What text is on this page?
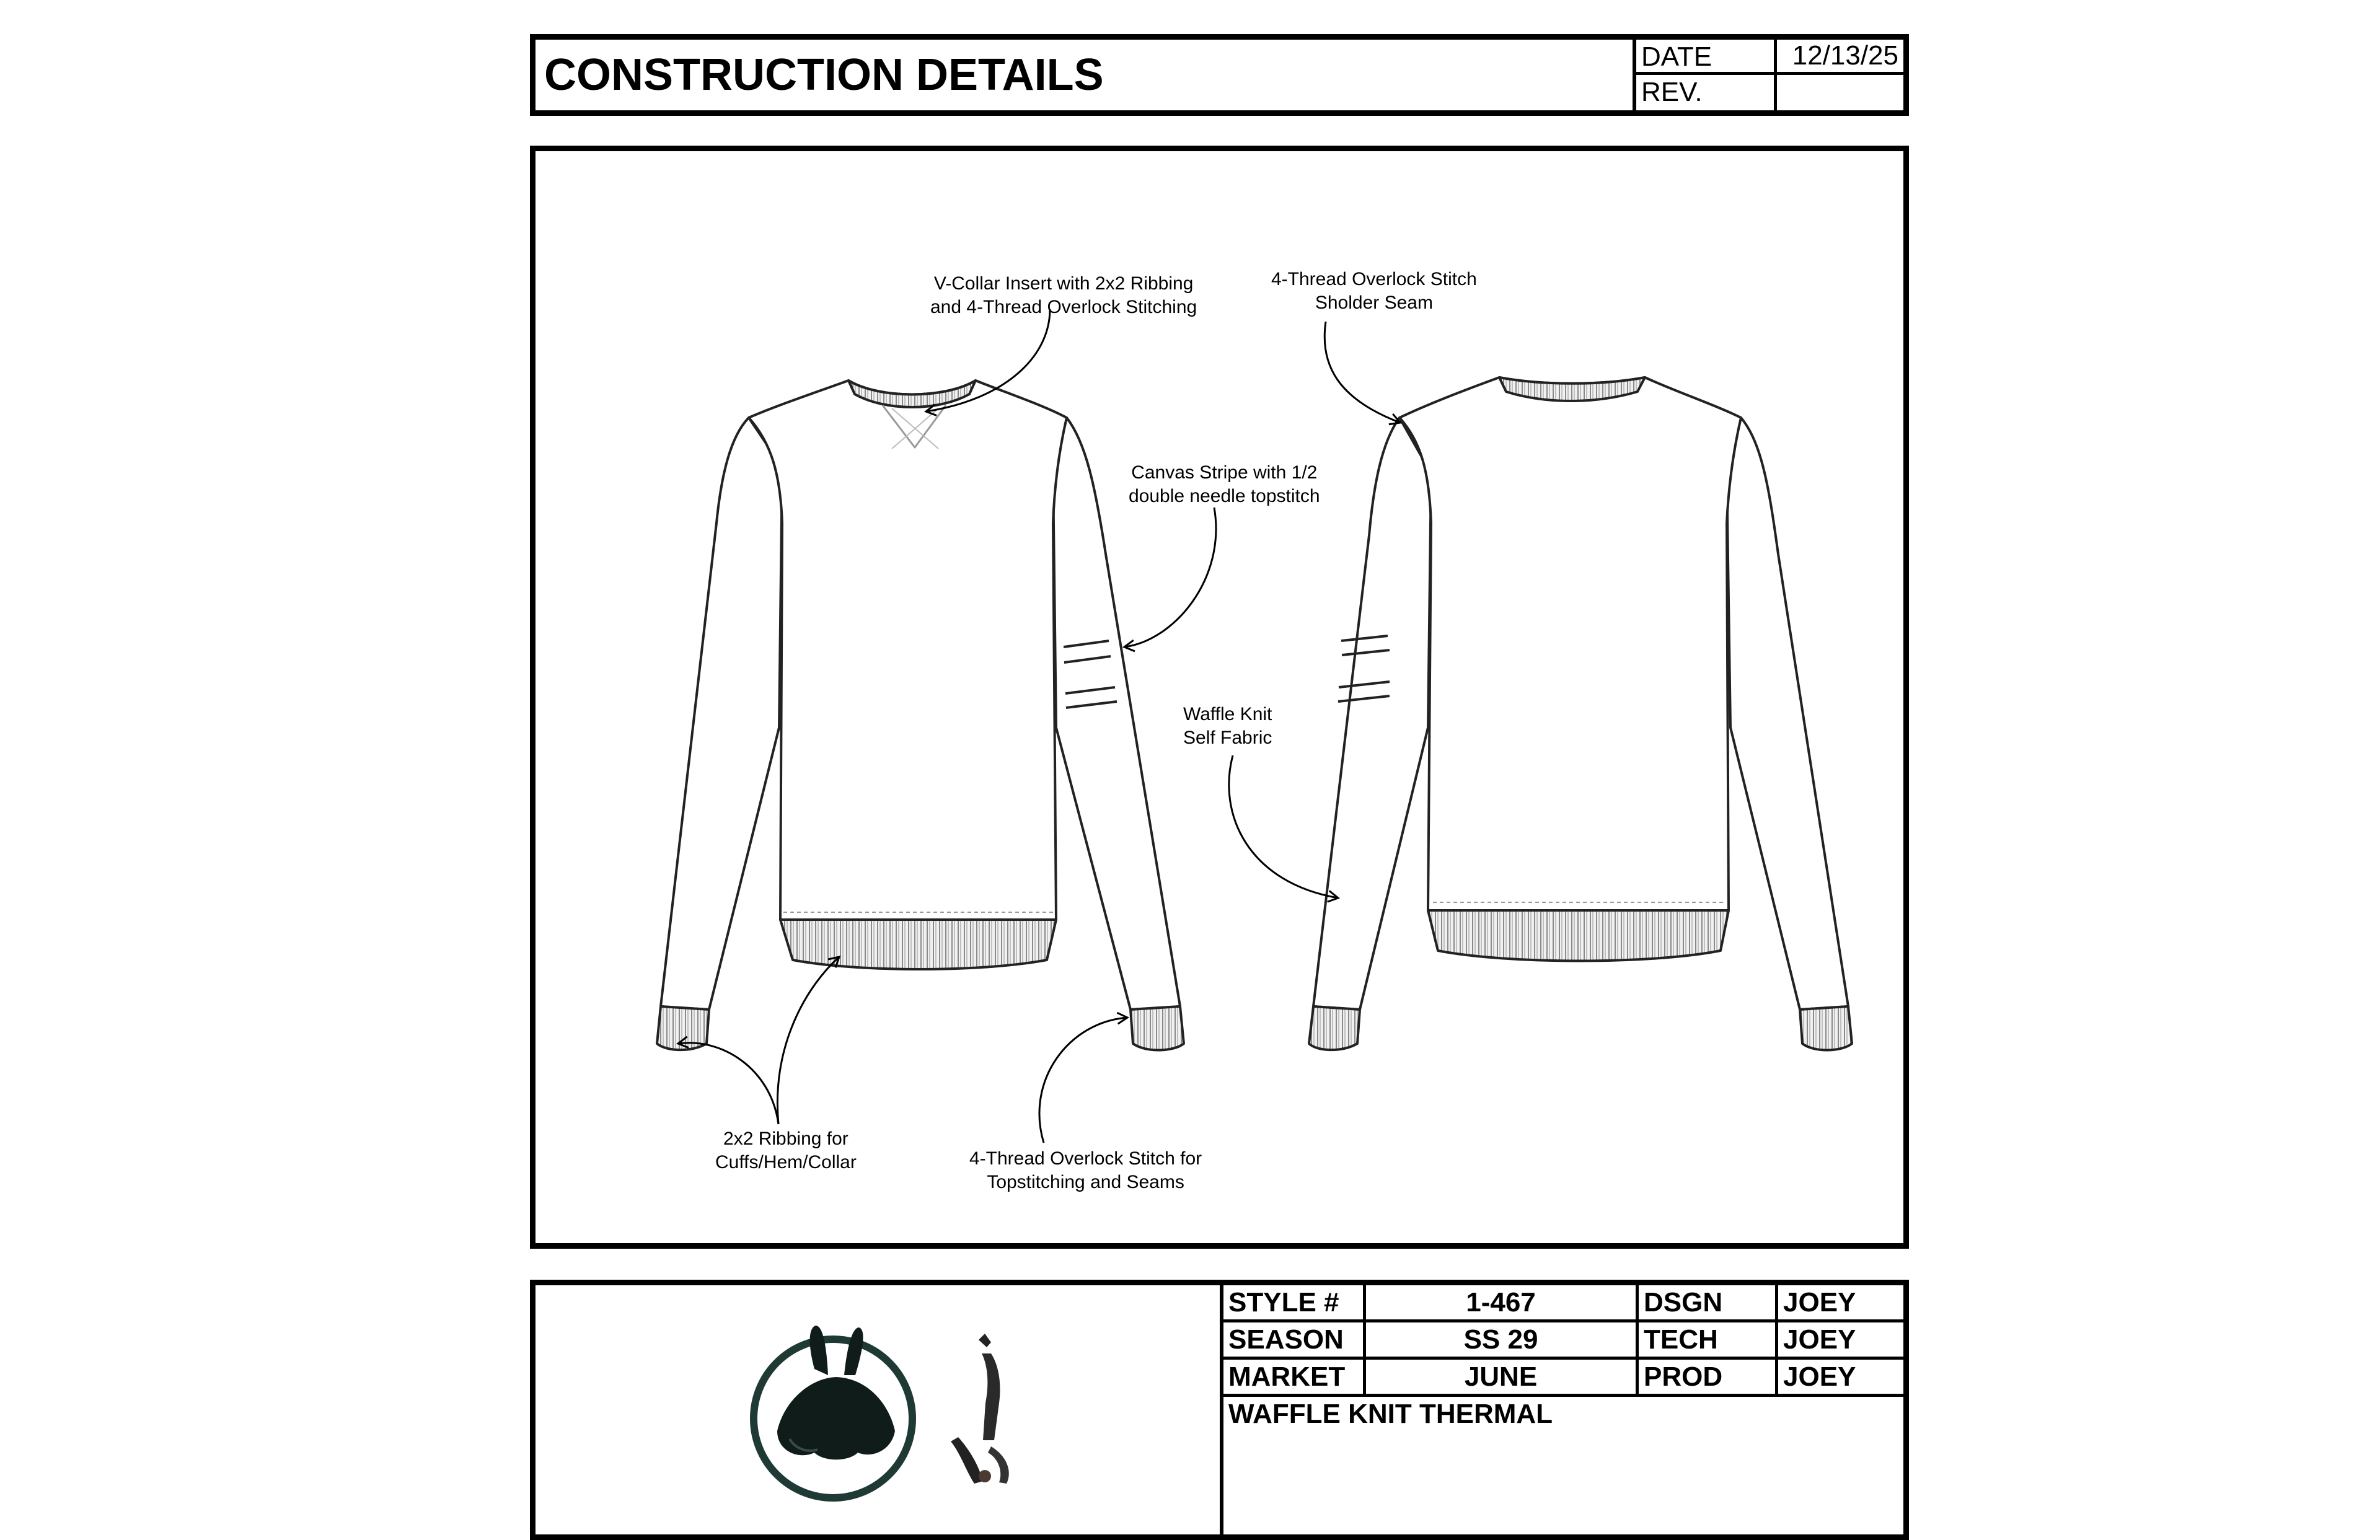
CONSTRUCTION DETAILS	DATE	12/13/25
REV.
V-Collar Insert with 2x2 Ribbing
and 4-Thread Overlock Stitching
4-Thread Overlock Stitch
Sholder Seam
Canvas Stripe with 1/2
double needle topstitch
Waffle Knit
Self Fabric
2x2 Ribbing for
Cuffs/Hem/Collar	4-Thread Overlock Stitch for
Topstitching and Seams
STYLE #	1-467	DSGN	JOEY
SEASON	SS 29	TECH	JOEY
MARKET	JUNE	PROD	JOEY
WAFFLE KNIT THERMAL
